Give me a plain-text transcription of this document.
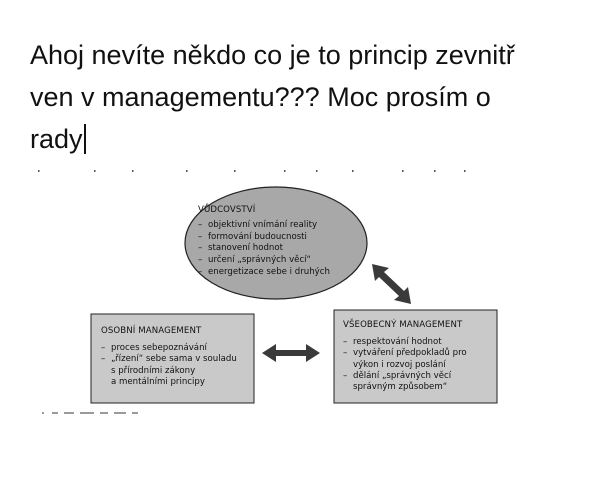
Ahoj nevíte někdo co je to princip zevnitř
ven v managementu??? Moc prosím o
rady
VŮDCOVSTVÍ
– objektivní vnímání reality
– formování budoucnosti
– stanovení hodnot
– určení „správných věcí“
– energetizace sebe i druhých
OSOBNÍ MANAGEMENT
– proces sebepoznávání
– „řízení“ sebe sama v souladu
s přírodními zákony
a mentálními principy
VŠEOBECNÝ MANAGEMENT
– respektování hodnot
– vytváření předpokladů pro
výkon i rozvoj poslání
– dělání „správných věcí
správným způsobem“
